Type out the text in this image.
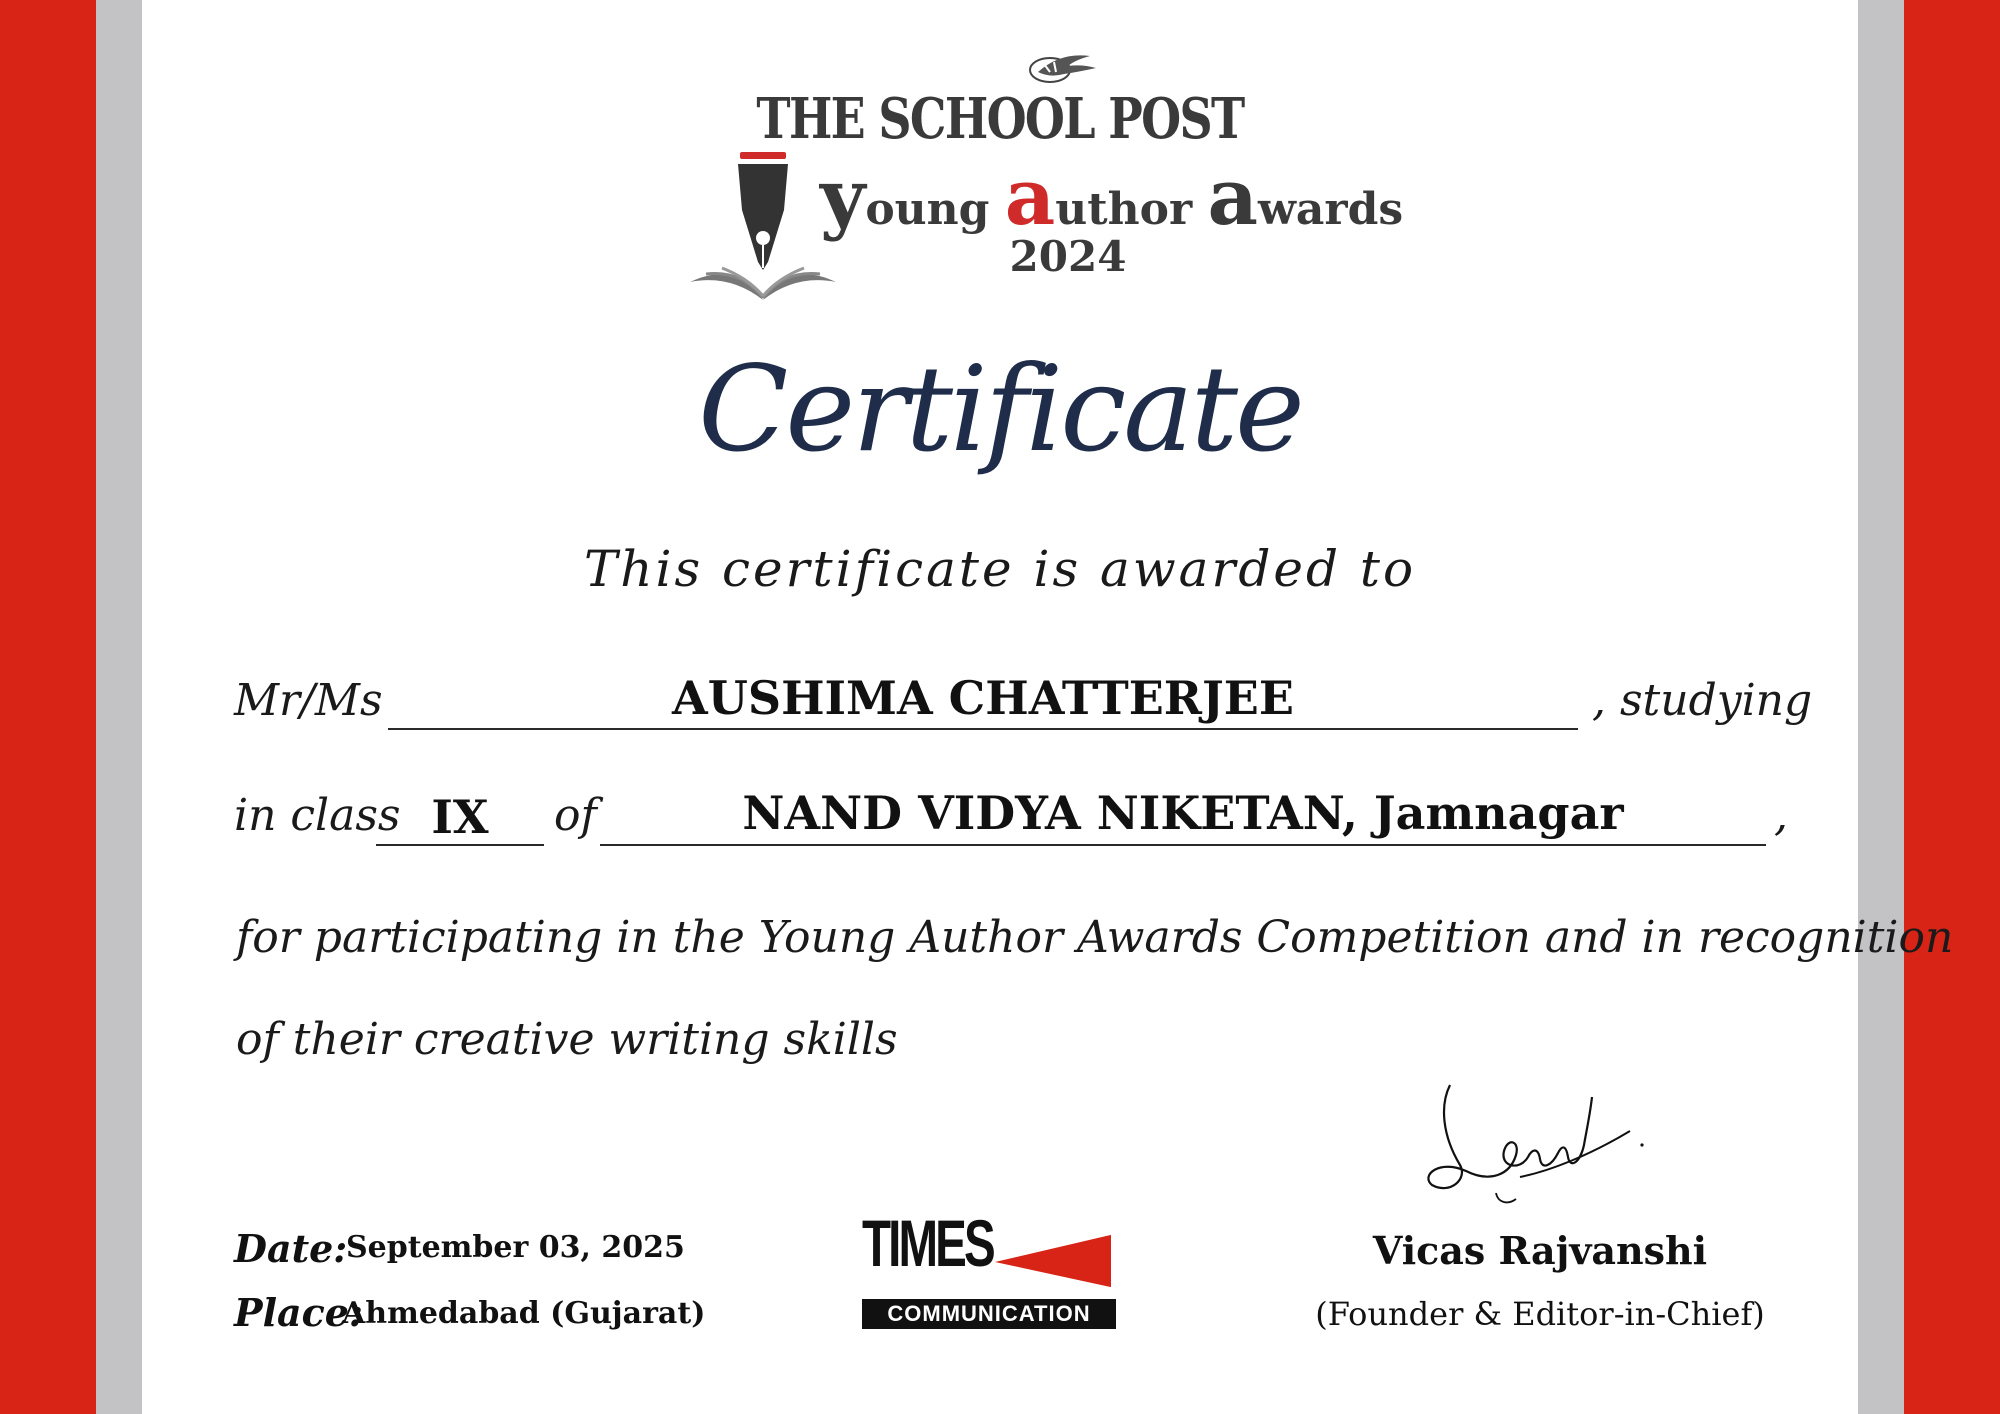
THE SCHOOL POST
young author awards
2024
Certificate
This certificate is awarded to
Mr/Ms	AUSHIMA CHATTERJEE	, studying
in class IX	of	NAND VIDYA NIKETAN, Jamnagar	,
for participating in the Young Author Awards Competition and in recognition
of their creative writing skills
Date:
September 03, 2025
Place:
Ahmedabad (Gujarat)
TIMES
COMMUNICATION
Vicas Rajvanshi
(Founder & Editor-in-Chief)
